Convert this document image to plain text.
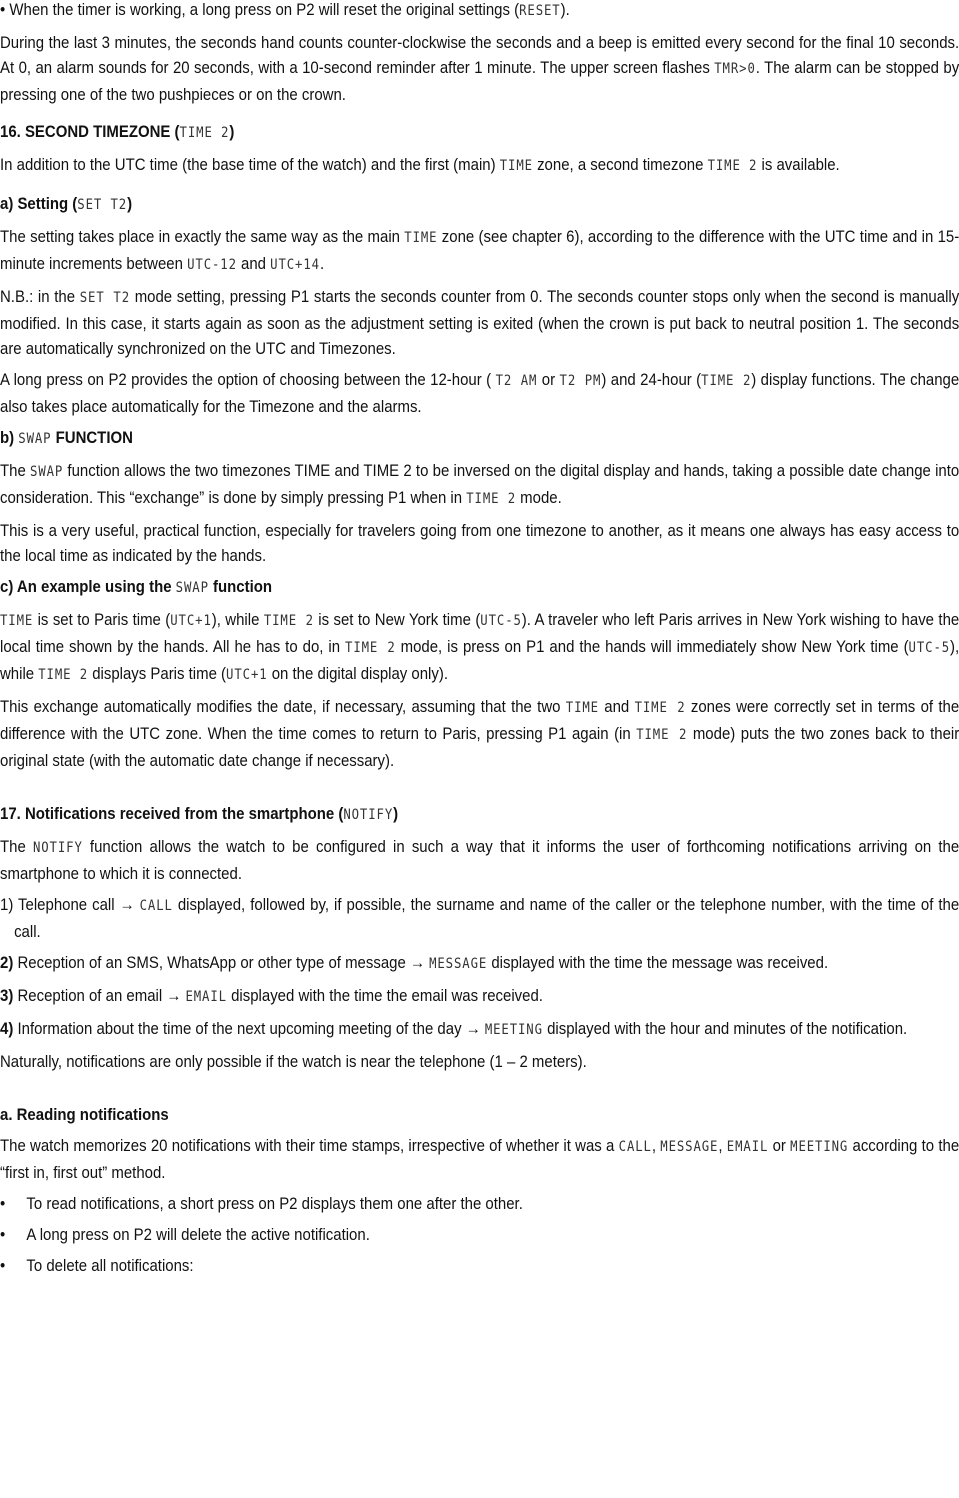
• When the timer is working, a long press on P2 will reset the original settings (RESET).

During the last 3 minutes, the seconds hand counts counter-clockwise the seconds and a beep is emitted every second for the final 10 seconds. At 0, an alarm sounds for 20 seconds, with a 10-second reminder after 1 minute. The upper screen flashes TMR>0. The alarm can be stopped by pressing one of the two pushpieces or on the crown.

16. SECOND TIMEZONE (TIME 2)

In addition to the UTC time (the base time of the watch) and the first (main) TIME zone, a second timezone TIME 2 is available.

a) Setting (SET T2)

The setting takes place in exactly the same way as the main TIME zone (see chapter 6), according to the difference with the UTC time and in 15-minute increments between UTC-12 and UTC+14.

N.B.: in the SET T2 mode setting, pressing P1 starts the seconds counter from 0. The seconds counter stops only when the second is manually modified. In this case, it starts again as soon as the adjustment setting is exited (when the crown is put back to neutral position 1. The seconds are automatically synchronized on the UTC and Timezones.

A long press on P2 provides the option of choosing between the 12-hour ( T2 AM or T2 PM) and 24-hour (TIME 2) display functions. The change also takes place automatically for the Timezone and the alarms.

b) SWAP FUNCTION

The SWAP function allows the two timezones TIME and TIME 2 to be inversed on the digital display and hands, taking a possible date change into consideration. This “exchange” is done by simply pressing P1 when in TIME 2 mode.

This is a very useful, practical function, especially for travelers going from one timezone to another, as it means one always has easy access to the local time as indicated by the hands.

c) An example using the SWAP function

TIME is set to Paris time (UTC+1), while TIME 2 is set to New York time (UTC-5). A traveler who left Paris arrives in New York wishing to have the local time shown by the hands. All he has to do, in TIME 2 mode, is press on P1 and the hands will immediately show New York time (UTC-5), while TIME 2 displays Paris time (UTC+1 on the digital display only).

This exchange automatically modifies the date, if necessary, assuming that the two TIME and TIME 2 zones were correctly set in terms of the difference with the UTC zone. When the time comes to return to Paris, pressing P1 again (in TIME 2 mode) puts the two zones back to their original state (with the automatic date change if necessary).

17. Notifications received from the smartphone (NOTIFY)

The NOTIFY function allows the watch to be configured in such a way that it informs the user of forthcoming notifications arriving on the smartphone to which it is connected.

1) Telephone call → CALL displayed, followed by, if possible, the surname and name of the caller or the telephone number, with the time of the call.

2) Reception of an SMS, WhatsApp or other type of message → MESSAGE displayed with the time the message was received.

3) Reception of an email → EMAIL displayed with the time the email was received.

4) Information about the time of the next upcoming meeting of the day → MEETING displayed with the hour and minutes of the notification.

Naturally, notifications are only possible if the watch is near the telephone (1 – 2 meters).

a. Reading notifications

The watch memorizes 20 notifications with their time stamps, irrespective of whether it was a CALL, MESSAGE, EMAIL or MEETING according to the “first in, first out” method.

•	To read notifications, a short press on P2 displays them one after the other.
•	A long press on P2 will delete the active notification.
•	To delete all notifications:
